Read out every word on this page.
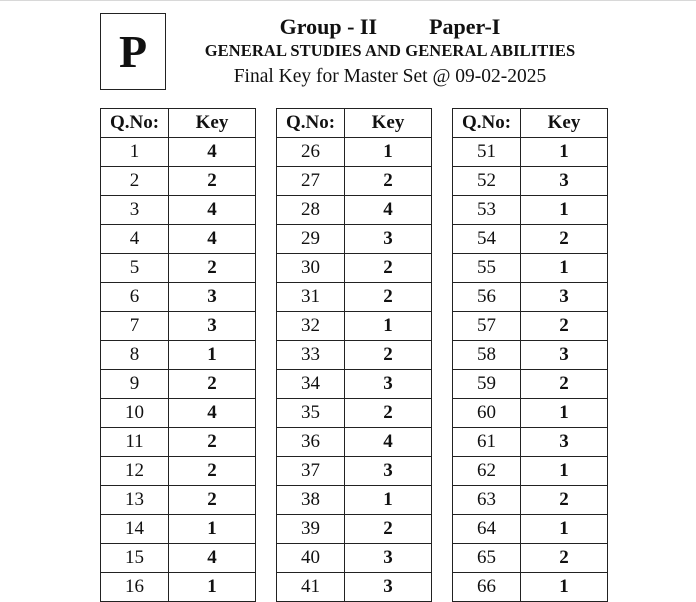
P	Group - II Paper-I
GENERAL STUDIES AND GENERAL ABILITIES
Final Key for Master Set @ 09-02-2025
Q.No:	Key
1	4
2	2
3	4
4	4
5	2
6	3
7	3
8	1
9	2
10	4
11	2
12	2
13	2
14	1
15	4
16	1
Q.No:	Key
26	1
27	2
28	4
29	3
30	2
31	2
32	1
33	2
34	3
35	2
36	4
37	3
38	1
39	2
40	3
41	3
Q.No:	Key
51	1
52	3
53	1
54	2
55	1
56	3
57	2
58	3
59	2
60	1
61	3
62	1
63	2
64	1
65	2
66	1
